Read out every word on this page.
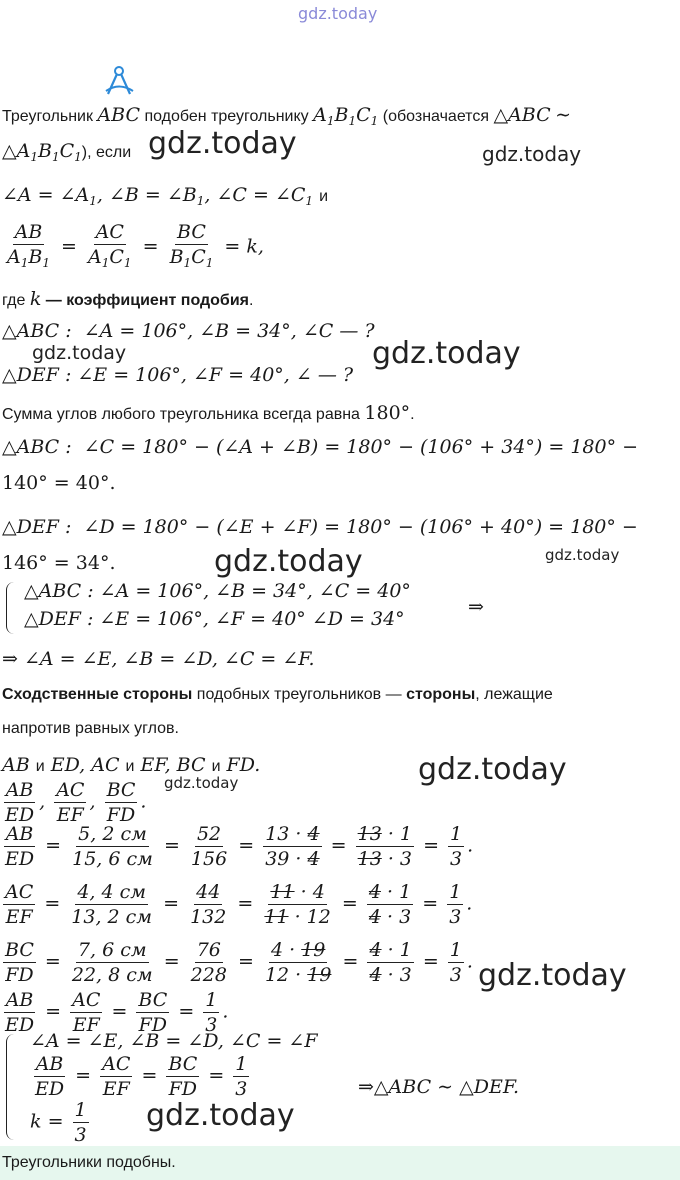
gdz.today
Треугольник ABC подобен треугольнику $A_1B_1C_1$ (обозначается △ABC ∼
$\triangle A_1B_1C_1$), если gdz.today	gdz.today
∠A = $\angle A_1$, ∠B = $\angle B_1$, ∠C = $\angle C_1$ и
$\frac{AB}{A_1B_1} = \frac{AC}{A_1C_1} = \frac{BC}{B_1C_1} = k$,
где k — коэффициент подобия.
△ABC :  ∠A = 106°, ∠B = 34°, ∠C — ?
gdz.today	gdz.today
△DEF : ∠E = 106°, ∠F = 40°, ∠ — ?
Сумма углов любого треугольника всегда равна 180°.
△ABC :  ∠C = 180° − (∠A + ∠B) = 180° − (106° + 34°) = 180° −
140° = 40°.
△DEF :  ∠D = 180° − (∠E + ∠F) = 180° − (106° + 40°) = 180° −
146° = 34°.	gdz.today	gdz.today
△ABC : ∠A = 106°, ∠B = 34°, ∠C = 40°
△DEF : ∠E = 106°, ∠F = 40° ∠D = 34°
⇒
⇒ ∠A = ∠E, ∠B = ∠D, ∠C = ∠F.
Сходственные стороны подобных треугольников — стороны, лежащие
напротив равных углов.
AB и ED, AC и EF, BC и FD.	gdz.today
gdz.today
$\frac{AB}{ED}$ , $\frac{AC}{EF}$ , $\frac{BC}{FD}$ .
$\frac{AB}{ED} = \frac{5, 2 см}{15, 6 см} = \frac{52}{156} = \frac{13 \cdot 4}{39 \cdot 4} = \frac{13 \cdot 1}{13 \cdot 3} = \frac{1}{3}$ .
$\frac{AC}{EF} = \frac{4, 4 см}{13, 2 см} = \frac{44}{132} = \frac{11 \cdot 4}{11 \cdot 12} = \frac{4 \cdot 1}{4 \cdot 3} = \frac{1}{3}$ .
$\frac{BC}{FD} = \frac{7, 6 см}{22, 8 см} = \frac{76}{228} = \frac{4 \cdot 19}{12 \cdot 19} = \frac{4 \cdot 1}{4 \cdot 3} = \frac{1}{3}$ . gdz.today
$\frac{AB}{ED} = \frac{AC}{EF} = \frac{BC}{FD} = \frac{1}{3}$ .
∠A = ∠E, ∠B = ∠D, ∠C = ∠F
$\frac{AB}{ED} = \frac{AC}{EF} = \frac{BC}{FD} = \frac{1}{3}$
$k = \frac{1}{3}$
⇒△ABC ∼ △DEF.
gdz.today
Треугольники подобны.
